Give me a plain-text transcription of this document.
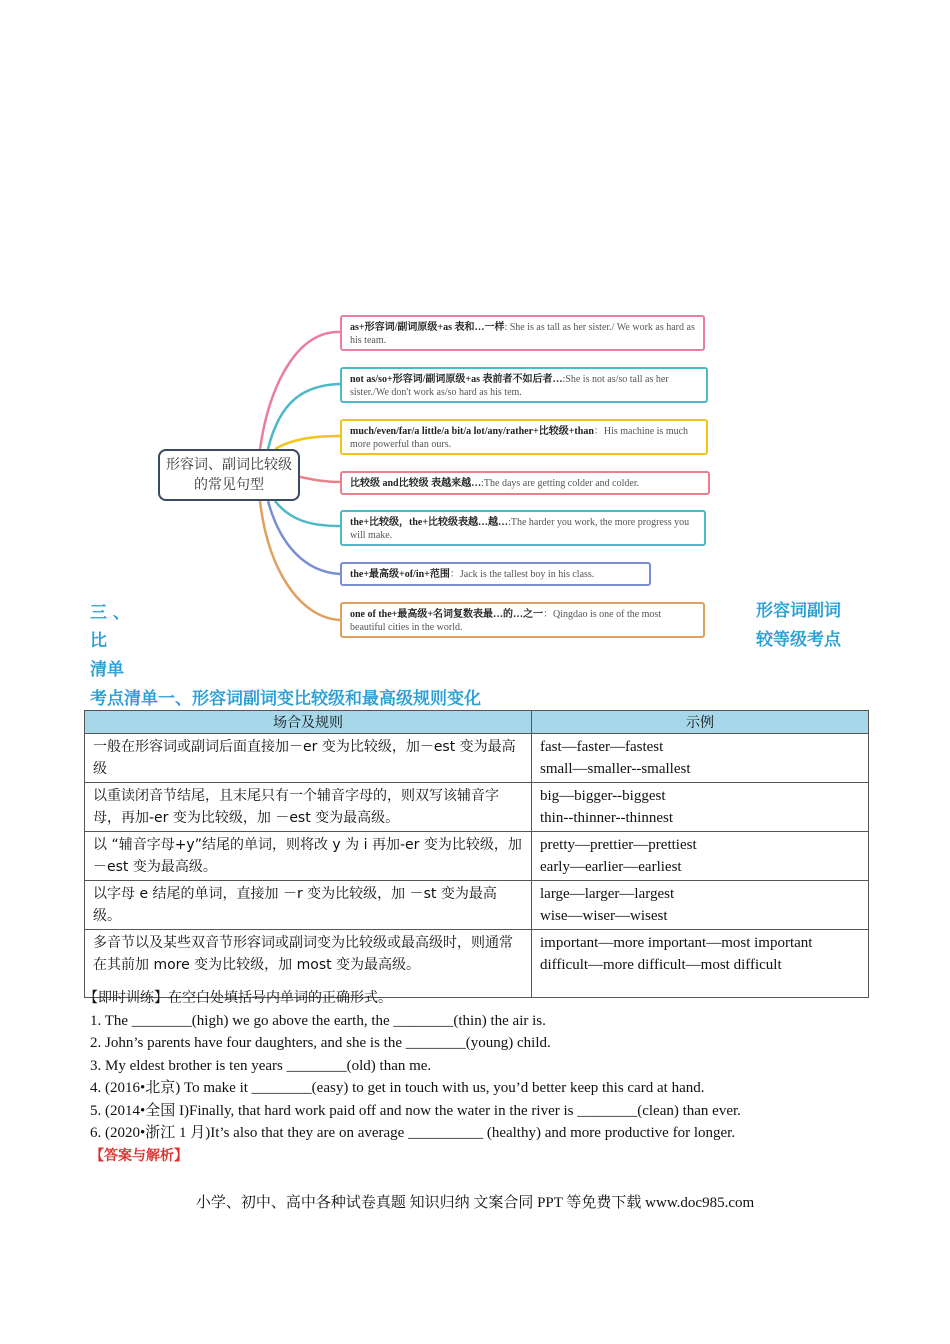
形容词、副词比较级的常见句型
as+形容词/副词原级+as 表和…一样: She is as tall as her sister./ We work as hard as his team.
not as/so+形容词/副词原级+as 表前者不如后者…:She is not as/so tall as her sister./We don't work as/so hard as his tem.
much/even/far/a little/a bit/a lot/any/rather+比较级+than：His machine is much more powerful than ours.
比较级 and比较级 表越来越…:The days are getting colder and colder.
the+比较级，the+比较级表越…越…:The harder you work, the more progress you will make.
the+最高级+of/in+范围：Jack is the tallest boy in his class.
one of the+最高级+名词复数表最…的…之一：Qingdao is one of the most beautiful cities in the world.
三 、
比
清单
形容词副词
较等级考点
考点清单一、形容词副词变比较级和最高级规则变化
场合及规则	示例
一般在形容词或副词后面直接加－er 变为比较级，加－est 变为最高级	fast—faster—fastest
small—smaller--smallest

以重读闭音节结尾，且末尾只有一个辅音字母的，则双写该辅音字母，再加-er 变为比较级，加 －est 变为最高级。	big—bigger--biggest
thin--thinner--thinnest

以 “辅音字母+y”结尾的单词，则将改 y 为 i 再加-er 变为比较级，加 －est 变为最高级。	pretty—prettier—prettiest
early—earlier—earliest

以字母 e 结尾的单词，直接加 －r 变为比较级，加 －st 变为最高级。	large—larger—largest
wise—wiser—wisest

多音节以及某些双音节形容词或副词变为比较级或最高级时，则通常在其前加 more 变为比较级，加 most 变为最高级。	important—more important—most important
difficult—more difficult—most difficult
【即时训练】在空白处填括号内单词的正确形式。
1. The ________(high) we go above the earth, the ________(thin) the air is.
2. John’s parents have four daughters, and she is the ________(young) child.
3. My eldest brother is ten years ________(old) than me.
4. (2016•北京) To make it ________(easy) to get in touch with us, you’d better keep this card at hand.
5. (2014•全国 I)Finally, that hard work paid off and now the water in the river is ________(clean) than ever.
6. (2020•浙江 1 月)It’s also that they are on average __________ (healthy) and more productive for longer.
【答案与解析】
小学、初中、高中各种试卷真题 知识归纳 文案合同 PPT 等免费下载 www.doc985.com
